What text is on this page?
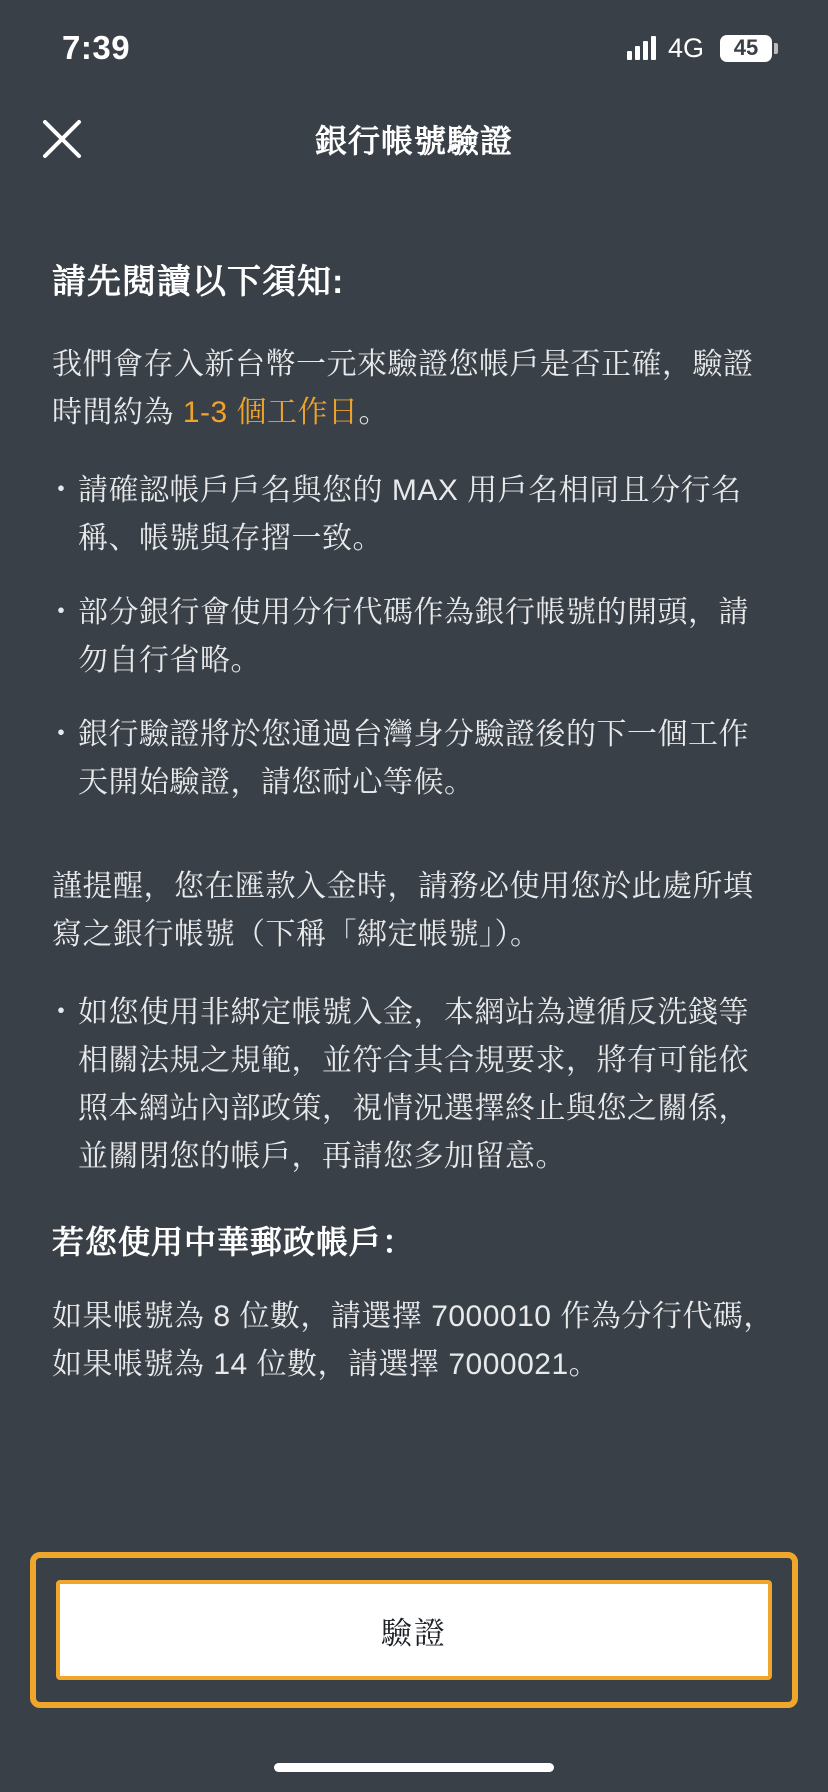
7:39	4G 45
銀行帳號驗證
請先閱讀以下須知:
我們會存入新台幣一元來驗證您帳戶是否正確，驗證時間約為 1-3 個工作日。
・ 請確認帳戶戶名與您的 MAX 用戶名相同且分行名稱、帳號與存摺一致。
・ 部分銀行會使用分行代碼作為銀行帳號的開頭，請勿自行省略。
・ 銀行驗證將於您通過台灣身分驗證後的下一個工作天開始驗證，請您耐心等候。
謹提醒，您在匯款入金時，請務必使用您於此處所填寫之銀行帳號（下稱「綁定帳號」）。
・ 如您使用非綁定帳號入金，本網站為遵循反洗錢等相關法規之規範，並符合其合規要求，將有可能依照本網站內部政策，視情況選擇終止與您之關係，並關閉您的帳戶，再請您多加留意。
若您使用中華郵政帳戶：
如果帳號為 8 位數，請選擇 7000010 作為分行代碼，如果帳號為 14 位數，請選擇 7000021。
驗證
